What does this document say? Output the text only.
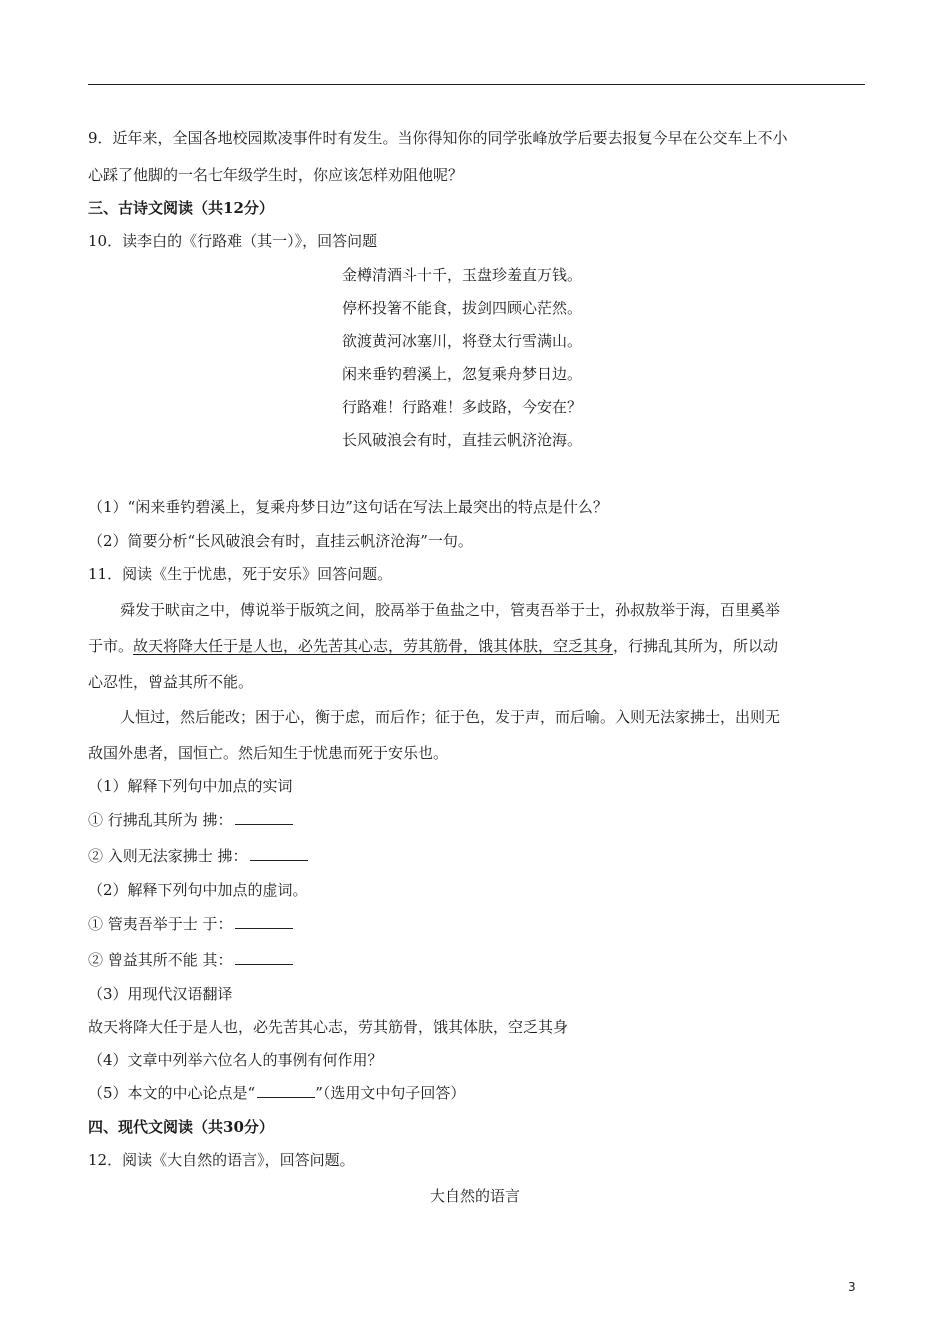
9．近年来，全国各地校园欺凌事件时有发生。当你得知你的同学张峰放学后要去报复今早在公交车上不小
心踩了他脚的一名七年级学生时，你应该怎样劝阻他呢？
三、古诗文阅读（共12分）
10．读李白的《行路难（其一）》，回答问题
金樽清酒斗十千，玉盘珍羞直万钱。
停杯投箸不能食，拔剑四顾心茫然。
欲渡黄河冰塞川，将登太行雪满山。
闲来垂钓碧溪上，忽复乘舟梦日边。
行路难！行路难！多歧路，今安在？
长风破浪会有时，直挂云帆济沧海。
（1）“闲来垂钓碧溪上，复乘舟梦日边”这句话在写法上最突出的特点是什么？
（2）简要分析“长风破浪会有时，直挂云帆济沧海”一句。
11．阅读《生于忧患，死于安乐》回答问题。
舜发于畎亩之中，傅说举于版筑之间，胶鬲举于鱼盐之中，管夷吾举于士，孙叔敖举于海，百里奚举
于市。故天将降大任于是人也，必先苦其心志，劳其筋骨，饿其体肤，空乏其身，行拂乱其所为，所以动
心忍性，曾益其所不能。
人恒过，然后能改；困于心，衡于虑，而后作；征于色，发于声，而后喻。入则无法家拂士，出则无
敌国外患者，国恒亡。然后知生于忧患而死于安乐也。
（1）解释下列句中加点的实词
① 行拂乱其所为 拂：
② 入则无法家拂士 拂：
（2）解释下列句中加点的虚词。
① 管夷吾举于士 于：
② 曾益其所不能 其：
（3）用现代汉语翻译
故天将降大任于是人也，必先苦其心志，劳其筋骨，饿其体肤，空乏其身
（4）文章中列举六位名人的事例有何作用？
（5）本文的中心论点是“	”（选用文中句子回答）
四、现代文阅读（共30分）
12．阅读《大自然的语言》，回答问题。
大自然的语言
3
